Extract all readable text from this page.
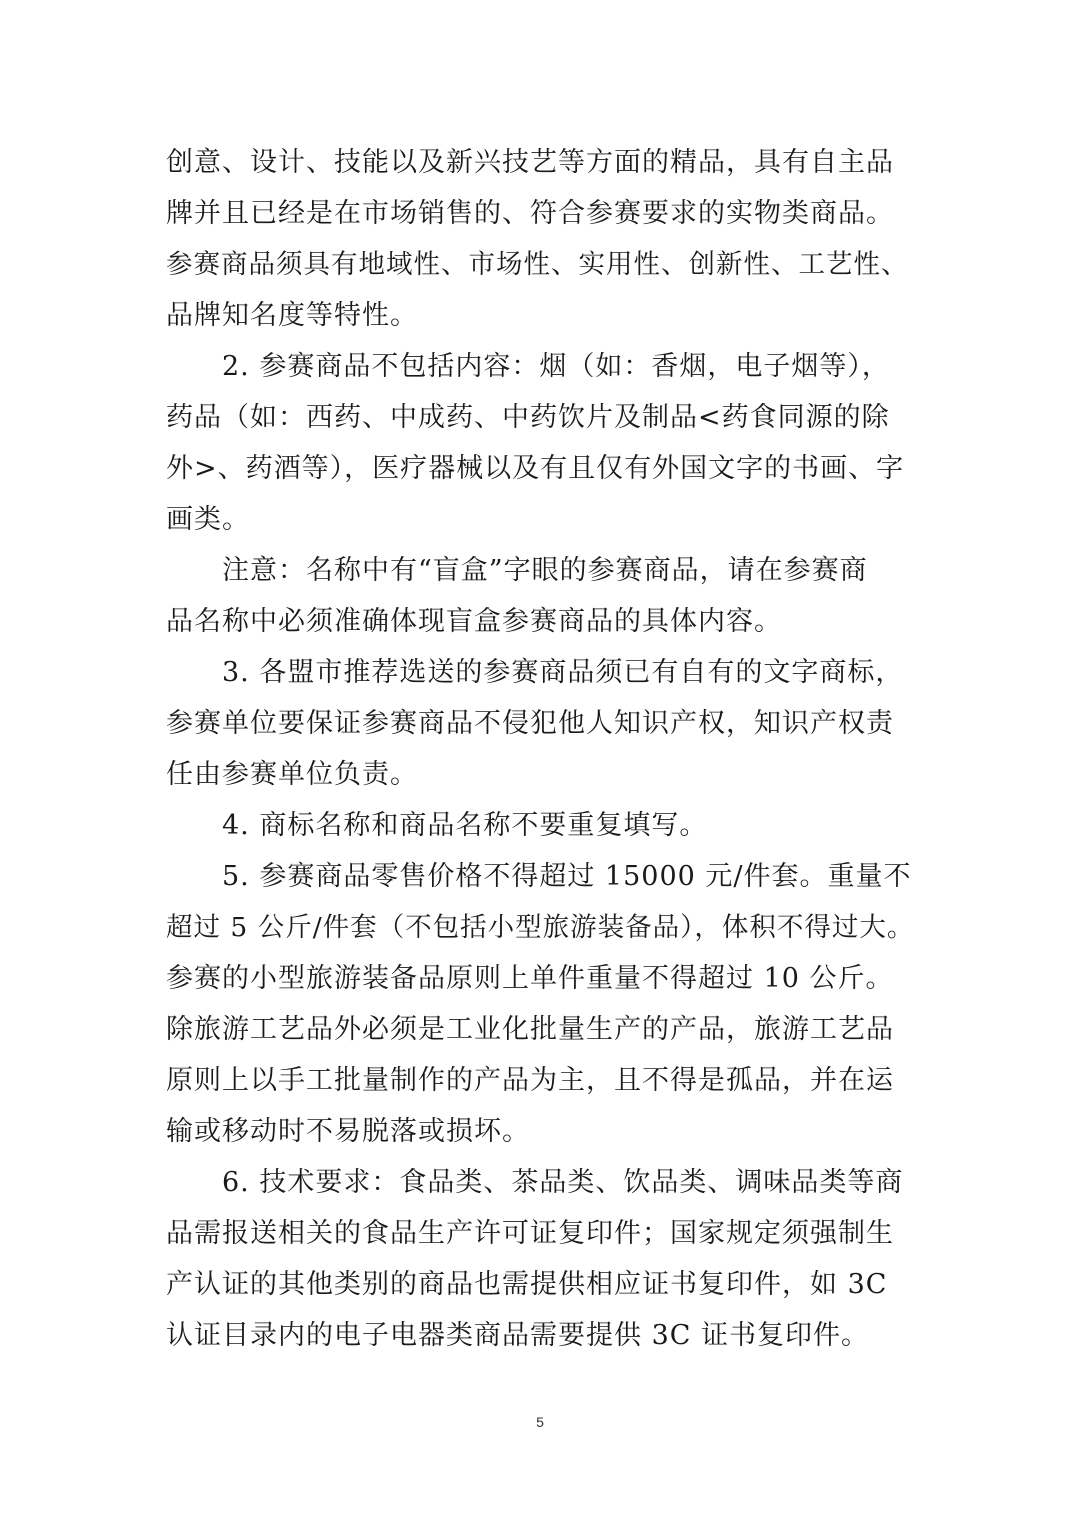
创意、设计、技能以及新兴技艺等方面的精品，具有自主品
牌并且已经是在市场销售的、符合参赛要求的实物类商品。
参赛商品须具有地域性、市场性、实用性、创新性、工艺性、
品牌知名度等特性。
2. 参赛商品不包括内容：烟（如：香烟，电子烟等），
药品（如：西药、中成药、中药饮片及制品<药食同源的除
外>、药酒等），医疗器械以及有且仅有外国文字的书画、字
画类。
注意：名称中有“盲盒”字眼的参赛商品，请在参赛商
品名称中必须准确体现盲盒参赛商品的具体内容。
3. 各盟市推荐选送的参赛商品须已有自有的文字商标，
参赛单位要保证参赛商品不侵犯他人知识产权，知识产权责
任由参赛单位负责。
4. 商标名称和商品名称不要重复填写。
5. 参赛商品零售价格不得超过 15000 元/件套。重量不
超过 5 公斤/件套（不包括小型旅游装备品），体积不得过大。
参赛的小型旅游装备品原则上单件重量不得超过 10 公斤。
除旅游工艺品外必须是工业化批量生产的产品，旅游工艺品
原则上以手工批量制作的产品为主，且不得是孤品，并在运
输或移动时不易脱落或损坏。
6. 技术要求：食品类、茶品类、饮品类、调味品类等商
品需报送相关的食品生产许可证复印件；国家规定须强制生
产认证的其他类别的商品也需提供相应证书复印件，如 3C
认证目录内的电子电器类商品需要提供 3C 证书复印件。
5
